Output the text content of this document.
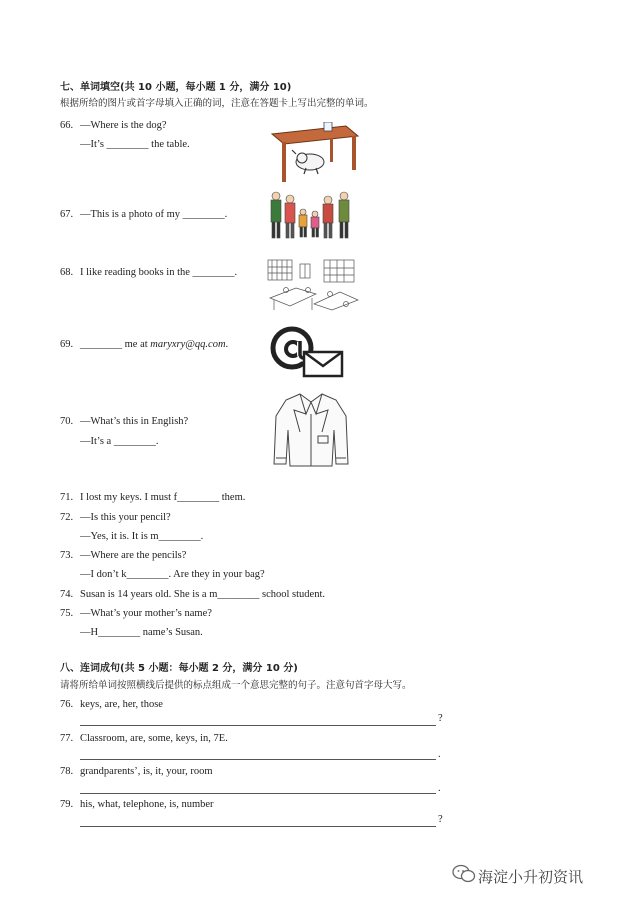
七、单词填空(共 10 小题，每小题 1 分，满分 10)
根据所给的图片或首字母填入正确的词，注意在答题卡上写出完整的单词。
66. —Where is the dog?
—It’s ________ the table.
67. —This is a photo of my ________.
68. I like reading books in the ________.
69. ________ me at maryxry@qq.com.
70. —What’s this in English?
—It’s a ________.
71. I lost my keys. I must f________ them.
72. —Is this your pencil?
—Yes, it is. It is m________.
73. —Where are the pencils?
—I don’t k________. Are they in your bag?
74. Susan is 14 years old. She is a m________ school student.
75. —What’s your mother’s name?
—H________ name’s Susan.
八、连词成句(共 5 小题：每小题 2 分，满分 10 分)
请将所给单词按照横线后提供的标点组成一个意思完整的句子。注意句首字母大写。
76. keys, are, her, those
?
77. Classroom, are, some, keys, in, 7E.
.
78. grandparents’, is, it, your, room
.
79. his, what, telephone, is, number
?
海淀小升初资讯
